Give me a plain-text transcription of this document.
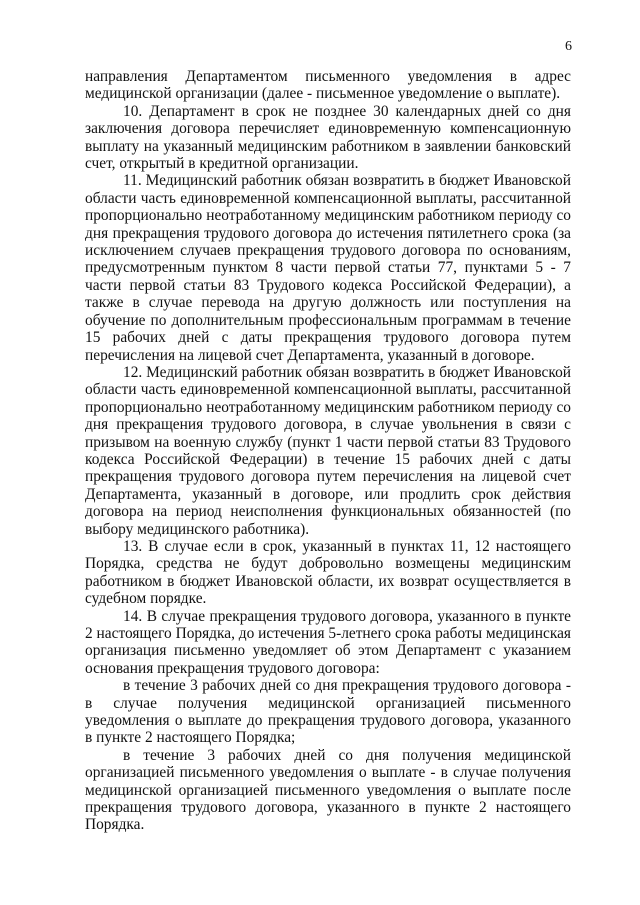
6

направления Департаментом письменного уведомления в адрес медицинской организации (далее - письменное уведомление о выплате).

10. Департамент в срок не позднее 30 календарных дней со дня заключения договора перечисляет единовременную компенсационную выплату на указанный медицинским работником в заявлении банковский счет, открытый в кредитной организации.

11. Медицинский работник обязан возвратить в бюджет Ивановской области часть единовременной компенсационной выплаты, рассчитанной пропорционально неотработанному медицинским работником периоду со дня прекращения трудового договора до истечения пятилетнего срока (за исключением случаев прекращения трудового договора по основаниям, предусмотренным пунктом 8 части первой статьи 77, пунктами 5 - 7 части первой статьи 83 Трудового кодекса Российской Федерации), а также в случае перевода на другую должность или поступления на обучение по дополнительным профессиональным программам в течение 15 рабочих дней с даты прекращения трудового договора путем перечисления на лицевой счет Департамента, указанный в договоре.

12. Медицинский работник обязан возвратить в бюджет Ивановской области часть единовременной компенсационной выплаты, рассчитанной пропорционально неотработанному медицинским работником периоду со дня прекращения трудового договора, в случае увольнения в связи с призывом на военную службу (пункт 1 части первой статьи 83 Трудового кодекса Российской Федерации) в течение 15 рабочих дней с даты прекращения трудового договора путем перечисления на лицевой счет Департамента, указанный в договоре, или продлить срок действия договора на период неисполнения функциональных обязанностей (по выбору медицинского работника).

13. В случае если в срок, указанный в пунктах 11, 12 настоящего Порядка, средства не будут добровольно возмещены медицинским работником в бюджет Ивановской области, их возврат осуществляется в судебном порядке.

14. В случае прекращения трудового договора, указанного в пункте 2 настоящего Порядка, до истечения 5-летнего срока работы медицинская организация письменно уведомляет об этом Департамент с указанием основания прекращения трудового договора:

в течение 3 рабочих дней со дня прекращения трудового договора - в случае получения медицинской организацией письменного уведомления о выплате до прекращения трудового договора, указанного в пункте 2 настоящего Порядка;

в течение 3 рабочих дней со дня получения медицинской организацией письменного уведомления о выплате - в случае получения медицинской организацией письменного уведомления о выплате после прекращения трудового договора, указанного в пункте 2 настоящего Порядка.
